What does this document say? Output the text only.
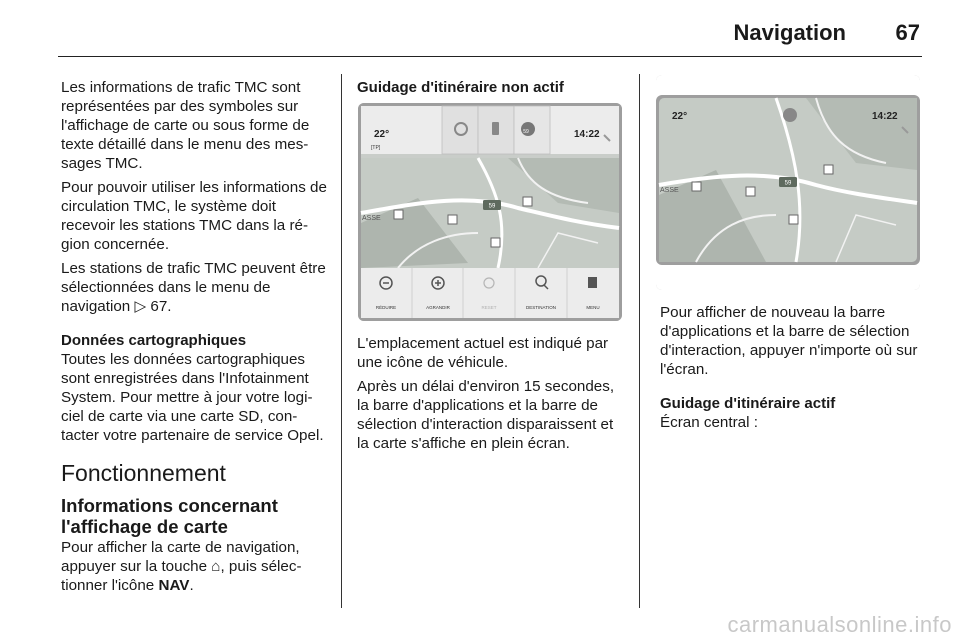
Navigation 67

Les informations de trafic TMC sont représentées par des symboles sur l'affichage de carte ou sous forme de texte détaillé dans le menu des mes-sages TMC.

Pour pouvoir utiliser les informations de circulation TMC, le système doit recevoir les stations TMC dans la ré-gion concernée.

Les stations de trafic TMC peuvent être sélectionnées dans le menu de navigation ▷ 67.

Données cartographiques

Toutes les données cartographiques sont enregistrées dans l'Infotainment System. Pour mettre à jour votre logi-ciel de carte via une carte SD, con-tacter votre partenaire de service Opel.

Fonctionnement

Informations concernant l'affichage de carte

Pour afficher la carte de navigation, appuyer sur la touche ⌂, puis sélec-tionner l'icône NAV.

Guidage d'itinéraire non actif

22°
[TP]
14:22
59
59
ASSE
RÉDUIRE	AGRANDIR	RESET	DESTINATION	MENU

L'emplacement actuel est indiqué par une icône de véhicule.

Après un délai d'environ 15 secondes, la barre d'applications et la barre de sélection d'interaction disparaissent et la carte s'affiche en plein écran.

22°	14:22
59
ASSE

Pour afficher de nouveau la barre d'applications et la barre de sélection d'interaction, appuyer n'importe où sur l'écran.

Guidage d'itinéraire actif

Écran central :

carmanualsonline.info
